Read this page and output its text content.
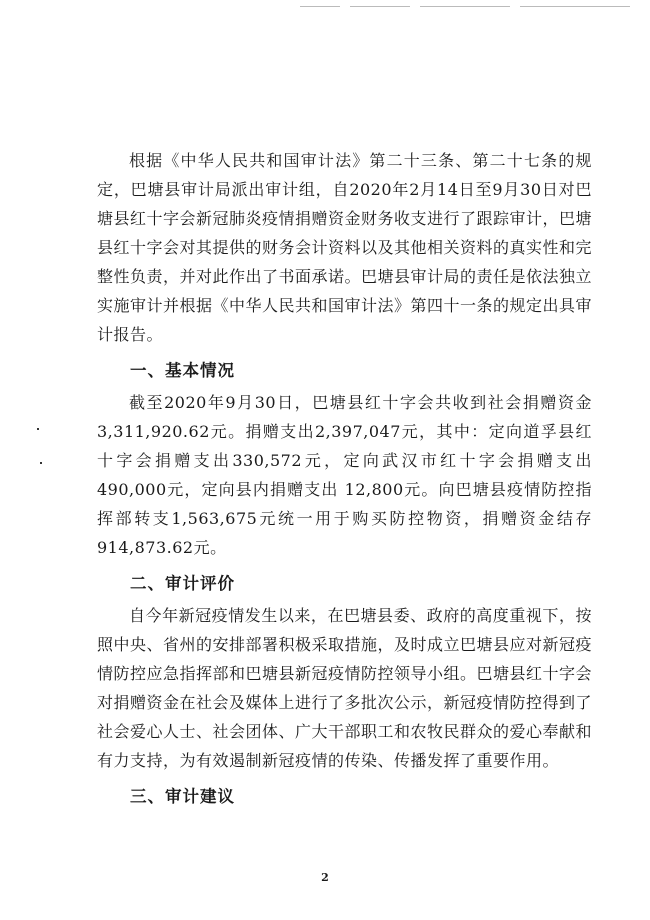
根据《中华人民共和国审计法》第二十三条、第二十七条的规定，巴塘县审计局派出审计组，自2020年2月14日至9月30日对巴塘县红十字会新冠肺炎疫情捐赠资金财务收支进行了跟踪审计，巴塘县红十字会对其提供的财务会计资料以及其他相关资料的真实性和完整性负责，并对此作出了书面承诺。巴塘县审计局的责任是依法独立实施审计并根据《中华人民共和国审计法》第四十一条的规定出具审计报告。

一、基本情况

截至2020年9月30日，巴塘县红十字会共收到社会捐赠资金3,311,920.62元。捐赠支出2,397,047元，其中：定向道孚县红十字会捐赠支出330,572元，定向武汉市红十字会捐赠支出490,000元，定向县内捐赠支出 12,800元。向巴塘县疫情防控指挥部转支1,563,675元统一用于购买防控物资，捐赠资金结存914,873.62元。

二、审计评价

自今年新冠疫情发生以来，在巴塘县委、政府的高度重视下，按照中央、省州的安排部署积极采取措施，及时成立巴塘县应对新冠疫情防控应急指挥部和巴塘县新冠疫情防控领导小组。巴塘县红十字会对捐赠资金在社会及媒体上进行了多批次公示，新冠疫情防控得到了社会爱心人士、社会团体、广大干部职工和农牧民群众的爱心奉献和有力支持，为有效遏制新冠疫情的传染、传播发挥了重要作用。

三、审计建议
2
